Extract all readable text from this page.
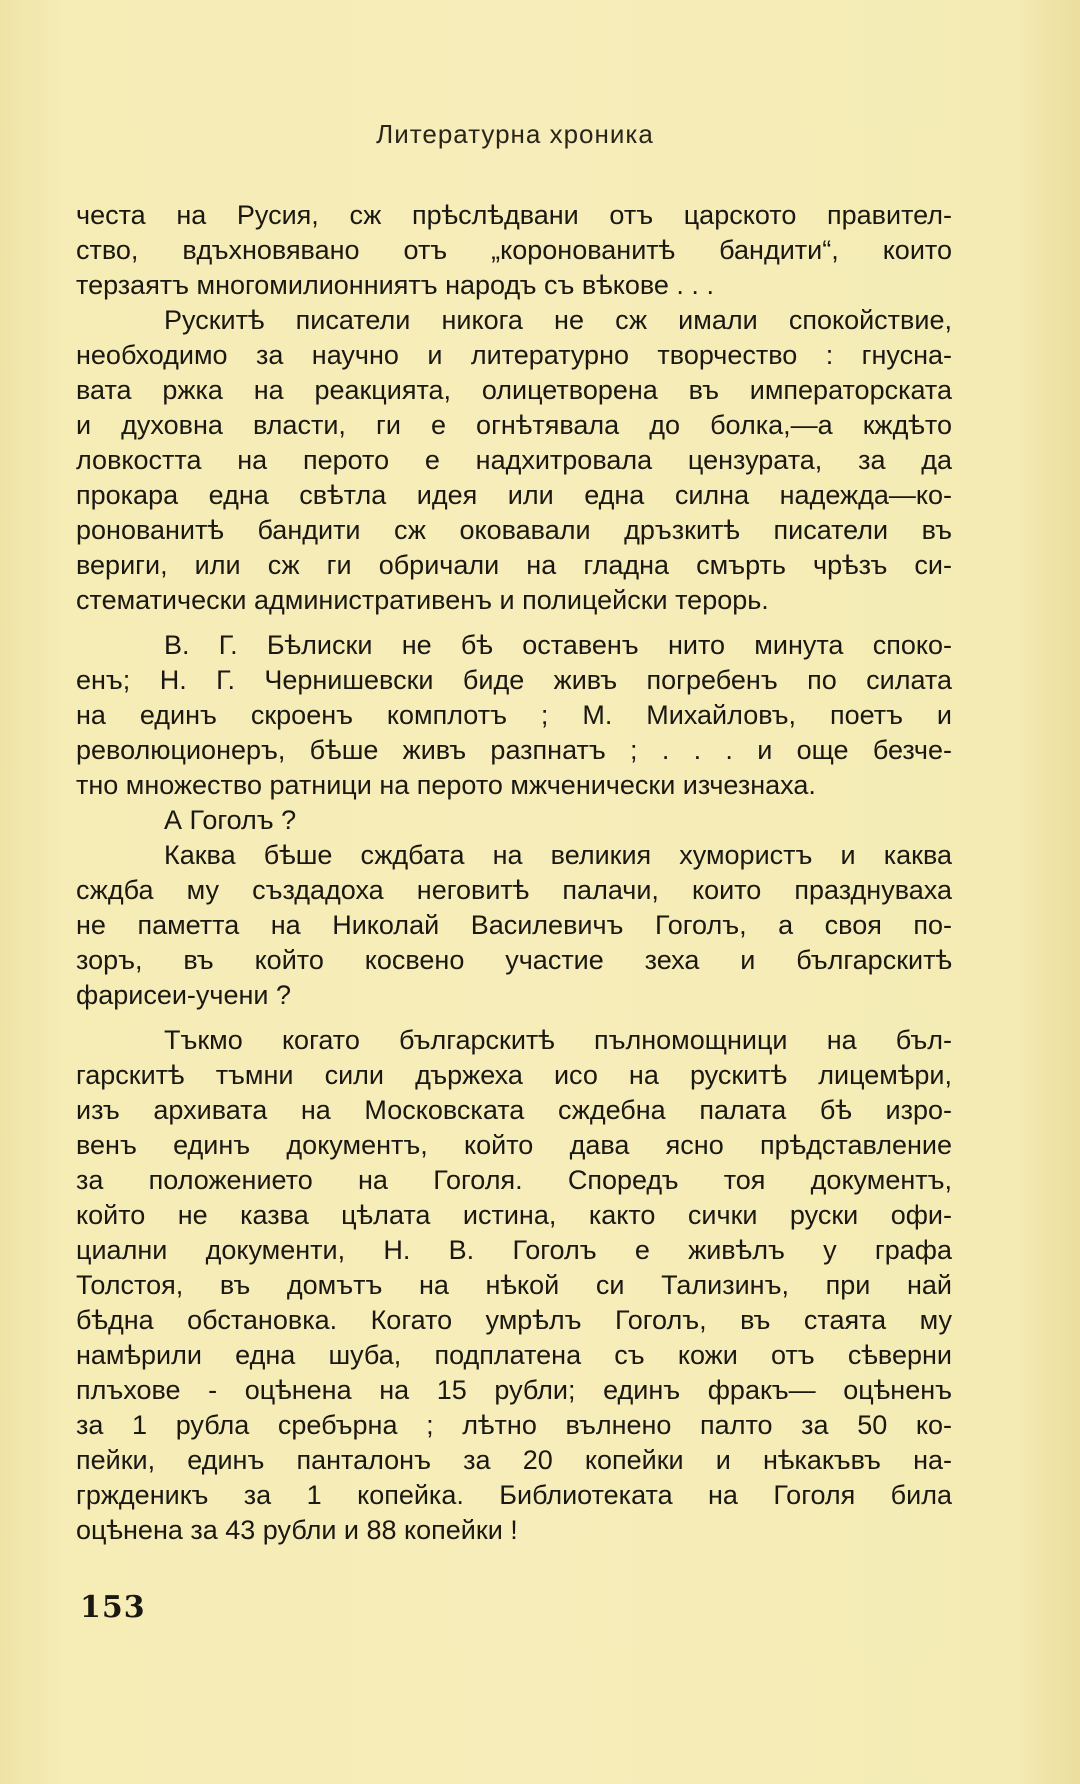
Литературна хроника

честа на Русия, сж прѣслѣдвани отъ царското правител-
ство, вдъхновявано отъ „коронованитѣ бандити“, които
терзаятъ многомилионниятъ народъ съ вѣкове . . .

Рускитѣ писатели никога не сж имали спокойствие,
необходимо за научно и литературно творчество : гнусна-
вата ржка на реакцията, олицетворена въ императорската
и духовна власти, ги е огнѣтявала до болка,—а кждѣто
ловкостта на перото е надхитровала цензурата, за да
прокара една свѣтла идея или една силна надежда—ко-
ронованитѣ бандити сж оковавали дръзкитѣ писатели въ
вериги, или сж ги обричали на гладна смърть чрѣзъ си-
стематически административенъ и полицейски терорь.

В. Г. Бѣлиски не бѣ оставенъ нито минута споко-
енъ; Н. Г. Чернишевски биде живъ погребенъ по силата
на единъ скроенъ комплотъ ; М. Михайловъ, поетъ и
революционеръ, бѣше живъ разпнатъ ; . . . и още безче-
тно множество ратници на перото мжченически изчезнаха.

А Гоголъ ?

Каква бѣше сждбата на великия хумористъ и каква
сждба му създадоха неговитѣ палачи, които празднуваха
не паметта на Николай Василевичъ Гоголъ, а своя по-
зоръ, въ който косвено участие зеха и българскитѣ
фарисеи-учени ?

Тъкмо когато българскитѣ пълномощници на бъл-
гарскитѣ тъмни сили държеха исо на рускитѣ лицемѣри,
изъ архивата на Московската сждебна палата бѣ изро-
венъ единъ документъ, който дава ясно прѣдставление
за положението на Гоголя. Споредъ тоя документъ,
който не казва цѣлата истина, както сички руски офи-
циални документи, Н. В. Гоголъ е живѣлъ у графа
Толстоя, въ домътъ на нѣкой си Тализинъ, при най
бѣдна обстановка. Когато умрѣлъ Гоголъ, въ стаята му
намѣрили една шуба, подплатена съ кожи отъ сѣверни
плъхове - оцѣнена на 15 рубли; единъ фракъ— оцѣненъ
за 1 рубла сребърна ; лѣтно вълнено палто за 50 ко-
пейки, единъ панталонъ за 20 копейки и нѣкакъвъ на-
гржденикъ за 1 копейка. Библиотеката на Гоголя била
оцѣнена за 43 рубли и 88 копейки !

153
